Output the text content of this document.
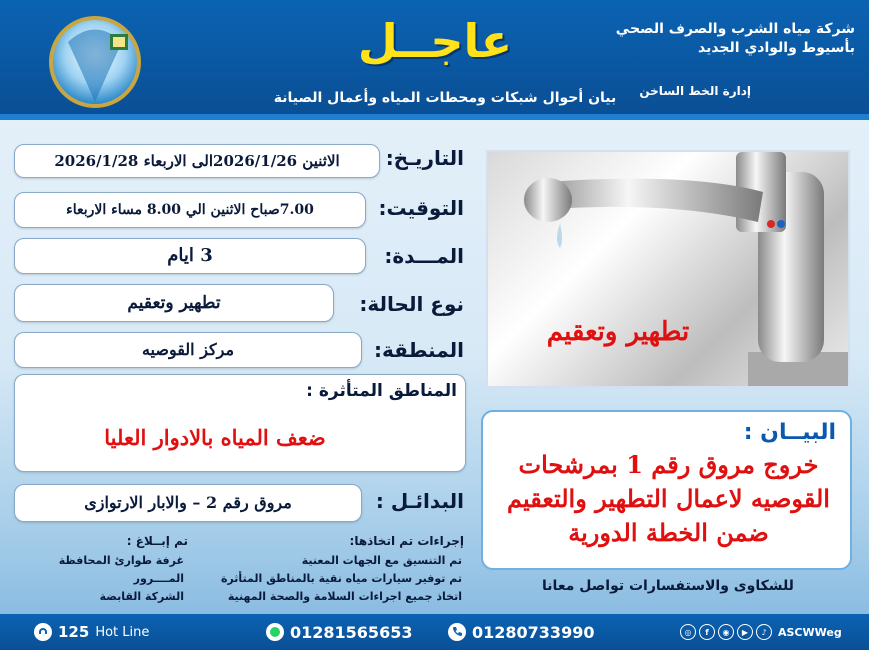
شركة مياه الشرب والصرف الصحي
بأسيوط والوادي الجديد
إدارة الخط الساخن
عاجــل
بيان أحوال شبكات ومحطات المياه وأعمال الصيانة
التاريـخ:
الاثنين 2026/1/26الى الاربعاء 2026/1/28
التوقيت:
7.00صباح الاثنين الي 8.00 مساء الاربعاء
المـــدة:
3 ايام
نوع الحالة:
تطهير وتعقيم
المنطقة:
مركز القوصيه
المناطق المتأثرة :
ضعف المياه بالادوار العليا
البدائـل :
مروق رقم 2 – والابار الارتوازى
تطهير وتعقيم
البيــان :
خروج مروق رقم 1 بمرشحات القوصيه لاعمال التطهير والتعقيم ضمن الخطة الدورية
للشكاوى والاستفسارات تواصل معانا
إجراءات تم اتخاذها:
تم التنسيق مع الجهات المعنية
تم توفير سيارات مياه نقية بالمناطق المتأثرة
اتخاذ جميع اجراءات السلامة والصحة المهنية
تم إبــلاغ :
غرفة طوارئ المحافظة
المــــرور
الشركة القابضة
125 Hot Line	01281565653	01280733990	◎	f	◉	▶	♪	ASCWWeg
